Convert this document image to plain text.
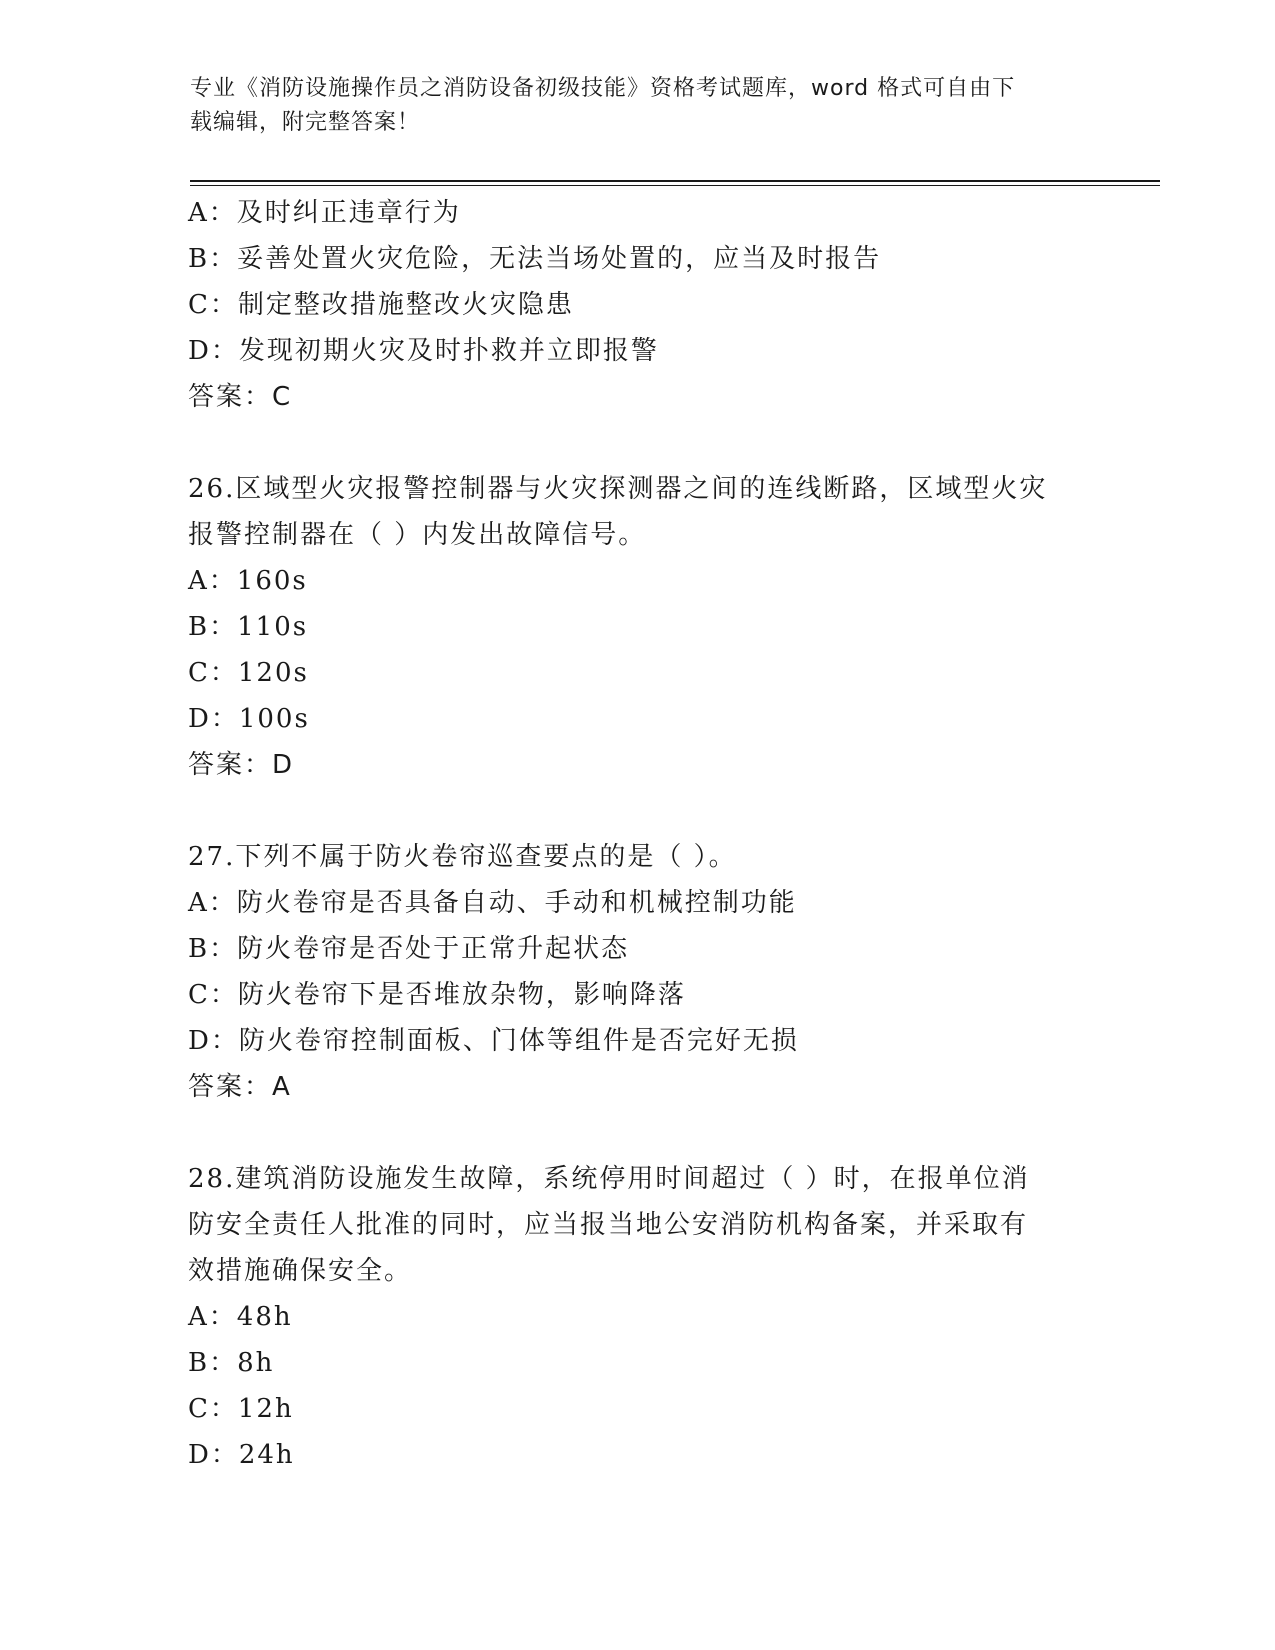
专业《消防设施操作员之消防设备初级技能》资格考试题库，word 格式可自由下
载编辑，附完整答案！

A：及时纠正违章行为

B：妥善处置火灾危险，无法当场处置的，应当及时报告

C：制定整改措施整改火灾隐患

D：发现初期火灾及时扑救并立即报警

答案：C

26.区域型火灾报警控制器与火灾探测器之间的连线断路，区域型火灾

报警控制器在（ ）内发出故障信号。

A：160s

B：110s

C：120s

D：100s

答案：D

27.下列不属于防火卷帘巡查要点的是（ ）。

A：防火卷帘是否具备自动、手动和机械控制功能

B：防火卷帘是否处于正常升起状态

C：防火卷帘下是否堆放杂物，影响降落

D：防火卷帘控制面板、门体等组件是否完好无损

答案：A

28.建筑消防设施发生故障，系统停用时间超过（ ）时，在报单位消

防安全责任人批准的同时，应当报当地公安消防机构备案，并采取有

效措施确保安全。

A：48h

B：8h

C：12h

D：24h
